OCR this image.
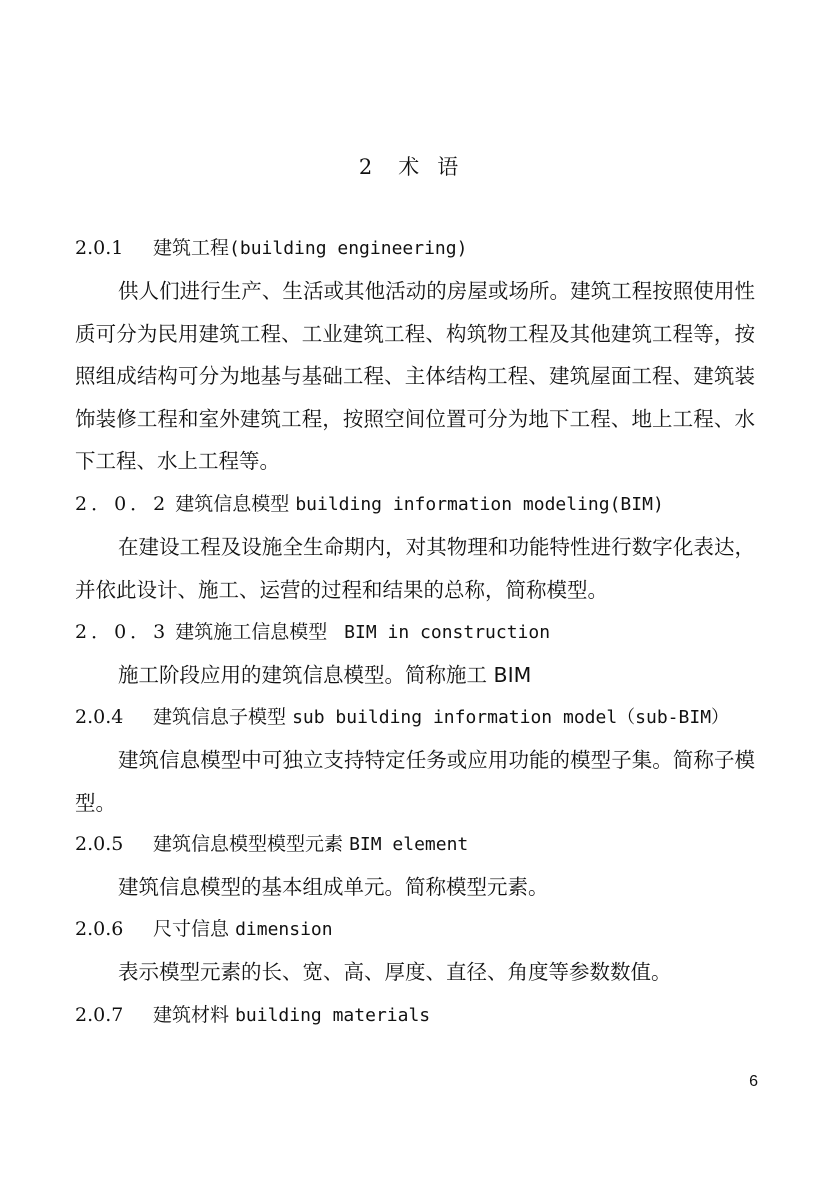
2 术 语
2.0.1 建筑工程(building engineering)
供人们进行生产、生活或其他活动的房屋或场所。建筑工程按照使用性质可分为民用建筑工程、工业建筑工程、构筑物工程及其他建筑工程等，按照组成结构可分为地基与基础工程、主体结构工程、建筑屋面工程、建筑装饰装修工程和室外建筑工程，按照空间位置可分为地下工程、地上工程、水下工程、水上工程等。
2．0．2 建筑信息模型 building information modeling(BIM)
在建设工程及设施全生命期内，对其物理和功能特性进行数字化表达，并依此设计、施工、运营的过程和结果的总称，简称模型。
2．0．3 建筑施工信息模型  BIM in construction
施工阶段应用的建筑信息模型。简称施工 BIM
2.0.4 建筑信息子模型 sub building information model（sub-BIM）
建筑信息模型中可独立支持特定任务或应用功能的模型子集。简称子模型。
2.0.5 建筑信息模型模型元素 BIM element
建筑信息模型的基本组成单元。简称模型元素。
2.0.6 尺寸信息 dimension
表示模型元素的长、宽、高、厚度、直径、角度等参数数值。
2.0.7 建筑材料 building materials
6
